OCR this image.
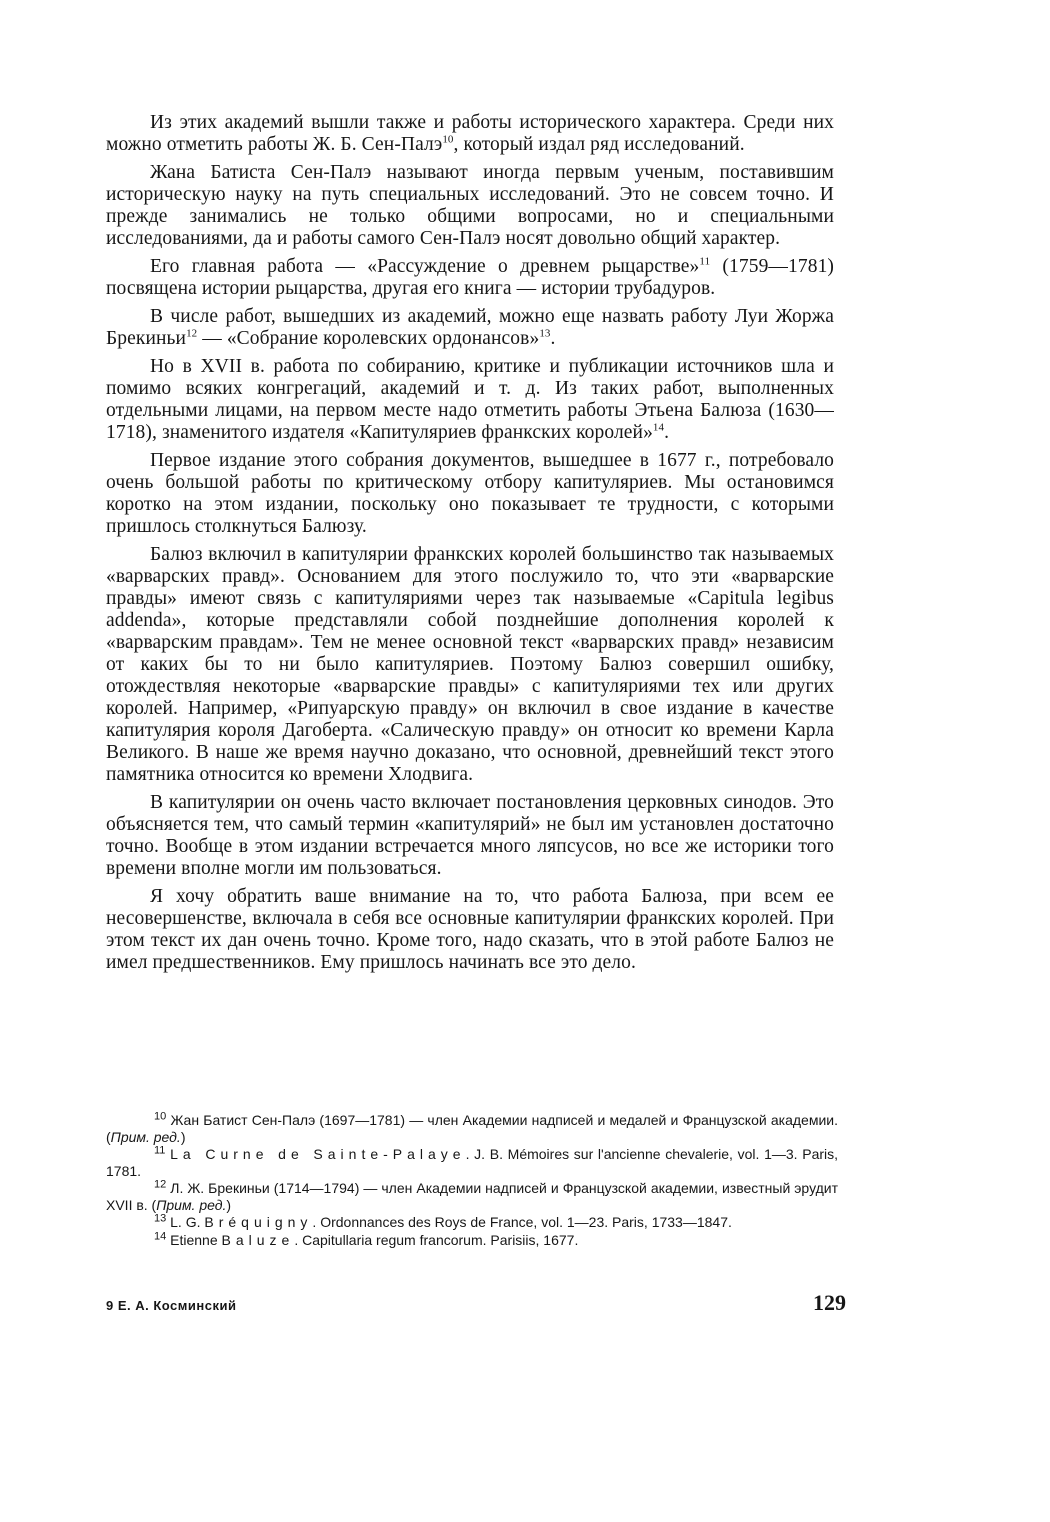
Из этих академий вышли также и работы исторического характера. Среди них можно отметить работы Ж. Б. Сен-Палэ$^{10}$, который издал ряд исследований.

Жана Батиста Сен-Палэ называют иногда первым ученым, поставившим историческую науку на путь специальных исследований. Это не совсем точно. И прежде занимались не только общими вопросами, но и специальными исследованиями, да и работы самого Сен-Палэ носят довольно общий характер.

Его главная работа — «Рассуждение о древнем рыцарстве»$^{11}$ (1759—1781) посвящена истории рыцарства, другая его книга — истории трубадуров.

В числе работ, вышедших из академий, можно еще назвать работу Луи Жоржа Брекиньи$^{12}$ — «Собрание королевских ордонансов»$^{13}$.

Но в XVII в. работа по собиранию, критике и публикации источников шла и помимо всяких конгрегаций, академий и т. д. Из таких работ, выполненных отдельными лицами, на первом месте надо отметить работы Этьена Балюза (1630—1718), знаменитого издателя «Капитуляриев франкских королей»$^{14}$.

Первое издание этого собрания документов, вышедшее в 1677 г., потребовало очень большой работы по критическому отбору капитуляриев. Мы остановимся коротко на этом издании, поскольку оно показывает те трудности, с которыми пришлось столкнуться Балюзу.

Балюз включил в капитулярии франкских королей большинство так называемых «варварских правд». Основанием для этого послужило то, что эти «варварские правды» имеют связь с капитуляриями через так называемые «Capitula legibus addenda», которые представляли собой позднейшие дополнения королей к «варварским правдам». Тем не менее основной текст «варварских правд» независим от каких бы то ни было капитуляриев. Поэтому Балюз совершил ошибку, отождествляя некоторые «варварские правды» с капитуляриями тех или других королей. Например, «Рипуарскую правду» он включил в свое издание в качестве капитулярия короля Дагоберта. «Салическую правду» он относит ко времени Карла Великого. В наше же время научно доказано, что основной, древнейший текст этого памятника относится ко времени Хлодвига.

В капитулярии он очень часто включает постановления церковных синодов. Это объясняется тем, что самый термин «капитулярий» не был им установлен достаточно точно. Вообще в этом издании встречается много ляпсусов, но все же историки того времени вполне могли им пользоваться.

Я хочу обратить ваше внимание на то, что работа Балюза, при всем ее несовершенстве, включала в себя все основные капитулярии франкских королей. При этом текст их дан очень точно. Кроме того, надо сказать, что в этой работе Балюз не имел предшественников. Ему пришлось начинать все это дело.

$^{10}$ Жан Батист Сен-Палэ (1697—1781) — член Академии надписей и медалей и Французской академии. (Прим. ред.)

$^{11}$ La Curne de Sainte-Palaye. J. B. Mémoires sur l'ancienne chevalerie, vol. 1—3. Paris, 1781.

$^{12}$ Л. Ж. Брекиньи (1714—1794) — член Академии надписей и Французской академии, известный эрудит XVII в. (Прим. ред.)

$^{13}$ L. G. Bréquigny. Ordonnances des Roys de France, vol. 1—23. Paris, 1733—1847.

$^{14}$ Etienne Baluze. Capitullaria regum francorum. Parisiis, 1677.

9 Е. А. Косминский	129
